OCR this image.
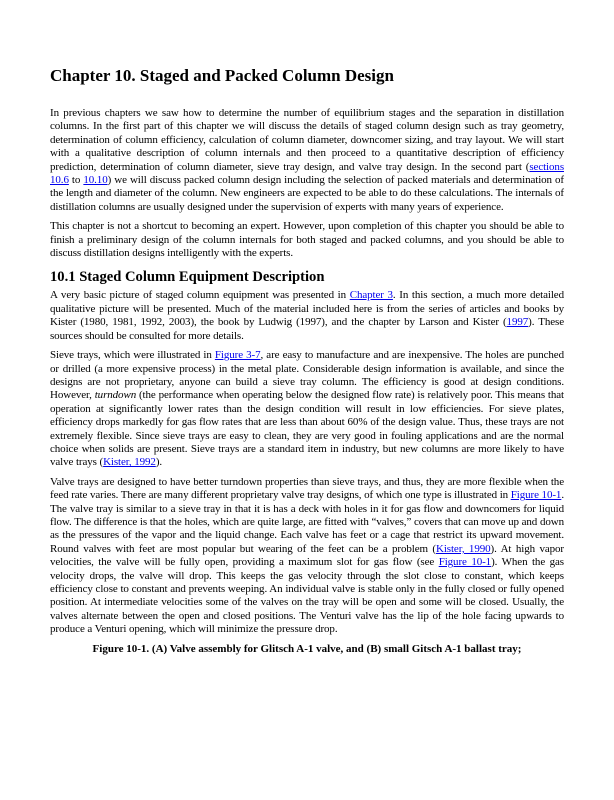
Chapter 10. Staged and Packed Column Design

In previous chapters we saw how to determine the number of equilibrium stages and the separation in distillation columns. In the first part of this chapter we will discuss the details of staged column design such as tray geometry, determination of column efficiency, calculation of column diameter, downcomer sizing, and tray layout. We will start with a qualitative description of column internals and then proceed to a quantitative description of efficiency prediction, determination of column diameter, sieve tray design, and valve tray design. In the second part (sections 10.6 to 10.10) we will discuss packed column design including the selection of packed materials and determination of the length and diameter of the column. New engineers are expected to be able to do these calculations. The internals of distillation columns are usually designed under the supervision of experts with many years of experience.

This chapter is not a shortcut to becoming an expert. However, upon completion of this chapter you should be able to finish a preliminary design of the column internals for both staged and packed columns, and you should be able to discuss distillation designs intelligently with the experts.

10.1 Staged Column Equipment Description

A very basic picture of staged column equipment was presented in Chapter 3. In this section, a much more detailed qualitative picture will be presented. Much of the material included here is from the series of articles and books by Kister (1980, 1981, 1992, 2003), the book by Ludwig (1997), and the chapter by Larson and Kister (1997). These sources should be consulted for more details.

Sieve trays, which were illustrated in Figure 3-7, are easy to manufacture and are inexpensive. The holes are punched or drilled (a more expensive process) in the metal plate. Considerable design information is available, and since the designs are not proprietary, anyone can build a sieve tray column. The efficiency is good at design conditions. However, turndown (the performance when operating below the designed flow rate) is relatively poor. This means that operation at significantly lower rates than the design condition will result in low efficiencies. For sieve plates, efficiency drops markedly for gas flow rates that are less than about 60% of the design value. Thus, these trays are not extremely flexible. Since sieve trays are easy to clean, they are very good in fouling applications and are the normal choice when solids are present. Sieve trays are a standard item in industry, but new columns are more likely to have valve trays (Kister, 1992).

Valve trays are designed to have better turndown properties than sieve trays, and thus, they are more flexible when the feed rate varies. There are many different proprietary valve tray designs, of which one type is illustrated in Figure 10-1. The valve tray is similar to a sieve tray in that it is has a deck with holes in it for gas flow and downcomers for liquid flow. The difference is that the holes, which are quite large, are fitted with “valves,” covers that can move up and down as the pressures of the vapor and the liquid change. Each valve has feet or a cage that restrict its upward movement. Round valves with feet are most popular but wearing of the feet can be a problem (Kister, 1990). At high vapor velocities, the valve will be fully open, providing a maximum slot for gas flow (see Figure 10-1). When the gas velocity drops, the valve will drop. This keeps the gas velocity through the slot close to constant, which keeps efficiency close to constant and prevents weeping. An individual valve is stable only in the fully closed or fully opened position. At intermediate velocities some of the valves on the tray will be open and some will be closed. Usually, the valves alternate between the open and closed positions. The Venturi valve has the lip of the hole facing upwards to produce a Venturi opening, which will minimize the pressure drop.

Figure 10-1. (A) Valve assembly for Glitsch A-1 valve, and (B) small Gitsch A-1 ballast tray;
